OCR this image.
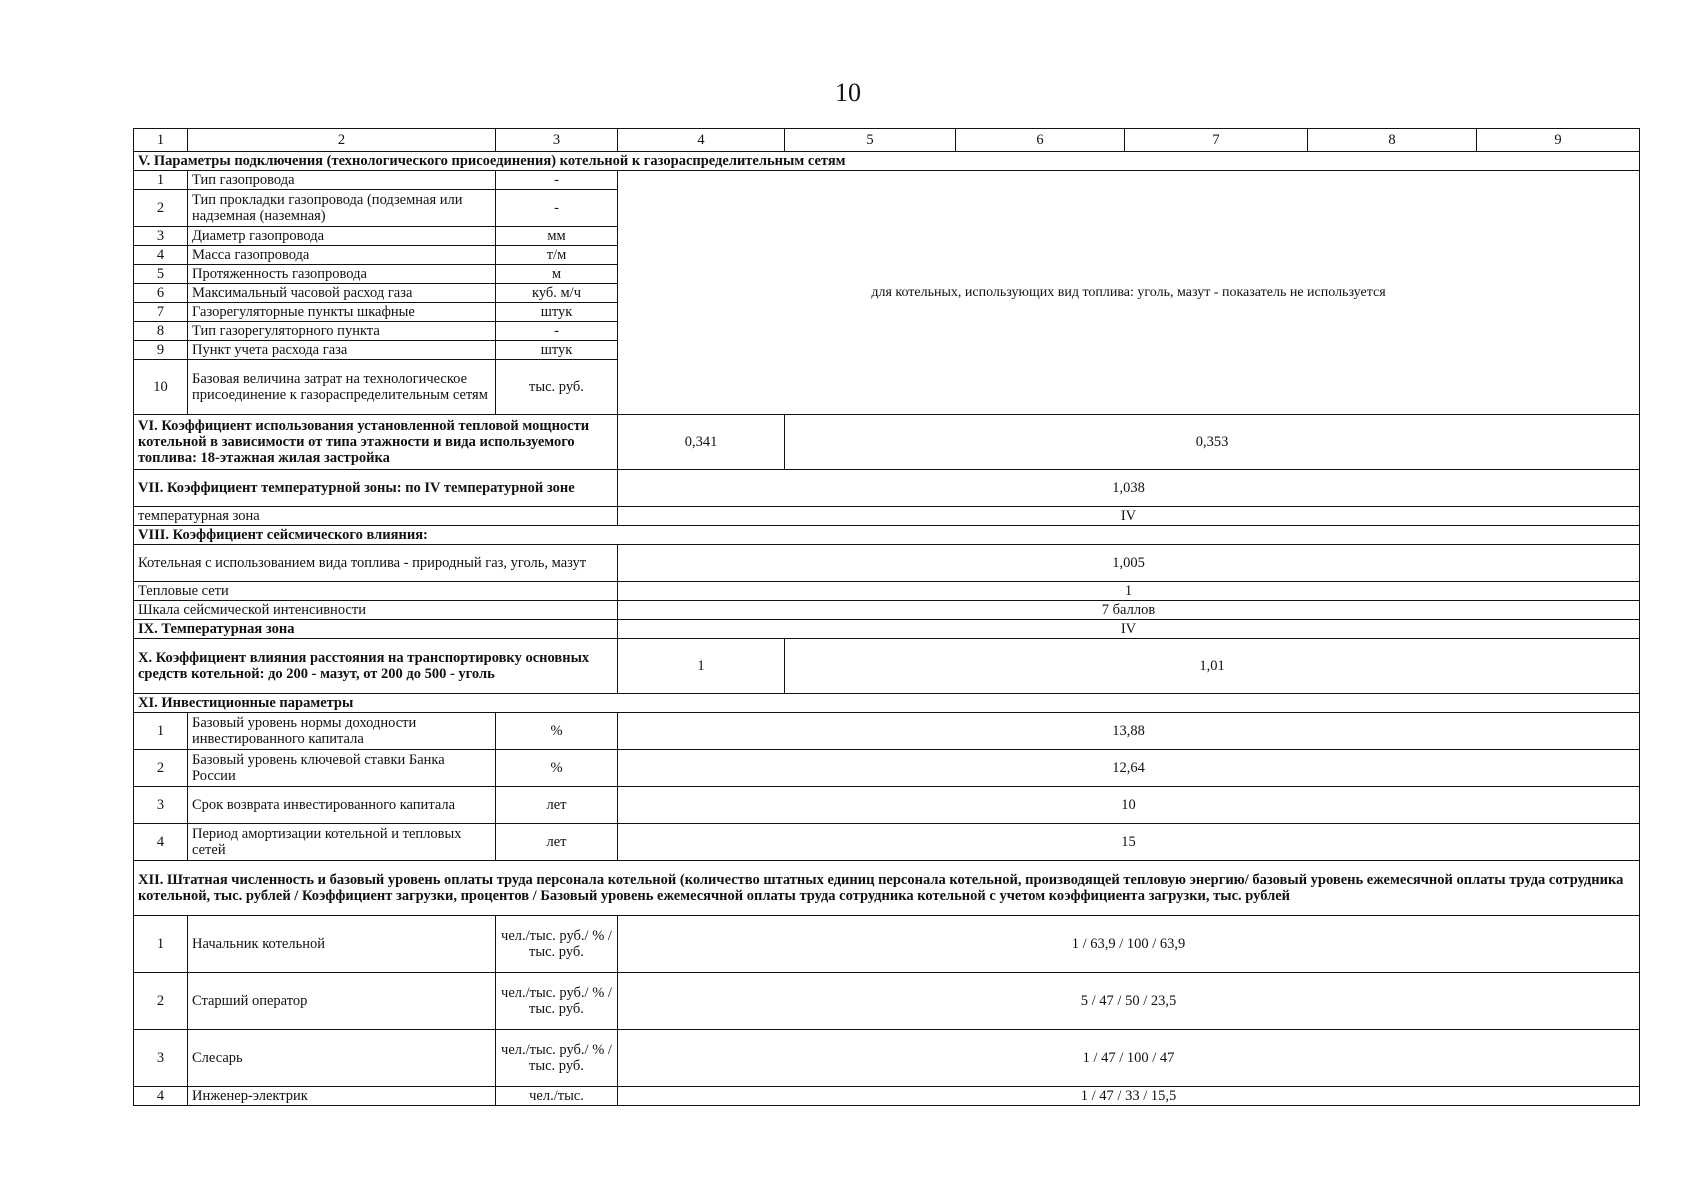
10
1	2	3	4	5	6	7	8	9
V. Параметры подключения (технологического присоединения) котельной к газораспределительным сетям								
1	Тип газопровода	-	для котельных, использующих вид топлива: уголь, мазут - показатель не используется					
2	Тип прокладки газопровода (подземная или надземная (наземная)	-						
3	Диаметр газопровода	мм						
4	Масса газопровода	т/м						
5	Протяженность газопровода	м						
6	Максимальный часовой расход газа	куб. м/ч						
7	Газорегуляторные пункты шкафные	штук						
8	Тип газорегуляторного пункта	-						
9	Пункт учета расхода газа	штук						
10	Базовая величина затрат на технологическое присоединение к газораспределительным сетям	тыс. руб.						
VI. Коэффициент использования установленной тепловой мощности котельной в зависимости от типа этажности и вида используемого топлива: 18-этажная жилая застройка			0,341	0,353				
VII. Коэффициент температурной зоны: по IV температурной зоне			1,038					
температурная зона			IV					
VIII. Коэффициент сейсмического влияния:								
Котельная с использованием вида топлива - природный газ, уголь, мазут			1,005					
Тепловые сети			1					
Шкала сейсмической интенсивности			7 баллов					
IX. Температурная зона			IV					
X. Коэффициент влияния расстояния на транспортировку основных средств котельной: до 200 - мазут, от 200 до 500 - уголь			1	1,01				
XI. Инвестиционные параметры								
1	Базовый уровень нормы доходности инвестированного капитала	%	13,88					
2	Базовый уровень ключевой ставки Банка России	%	12,64					
3	Срок возврата инвестированного капитала	лет	10					
4	Период амортизации котельной и тепловых сетей	лет	15					
XII. Штатная численность и базовый уровень оплаты труда персонала котельной (количество штатных единиц персонала котельной, производящей тепловую энергию/ базовый уровень ежемесячной оплаты труда сотрудника котельной, тыс. рублей / Коэффициент загрузки, процентов / Базовый уровень ежемесячной оплаты труда сотрудника котельной с учетом коэффициента загрузки, тыс. рублей								
1	Начальник котельной	чел./тыс. руб./ % /тыс. руб.	1 / 63,9 / 100 / 63,9					
2	Старший оператор	чел./тыс. руб./ % /тыс. руб.	5 / 47 / 50 / 23,5					
3	Слесарь	чел./тыс. руб./ % /тыс. руб.	1 / 47 / 100 / 47					
4	Инженер-электрик	чел./тыс.	1 / 47 / 33 / 15,5					
